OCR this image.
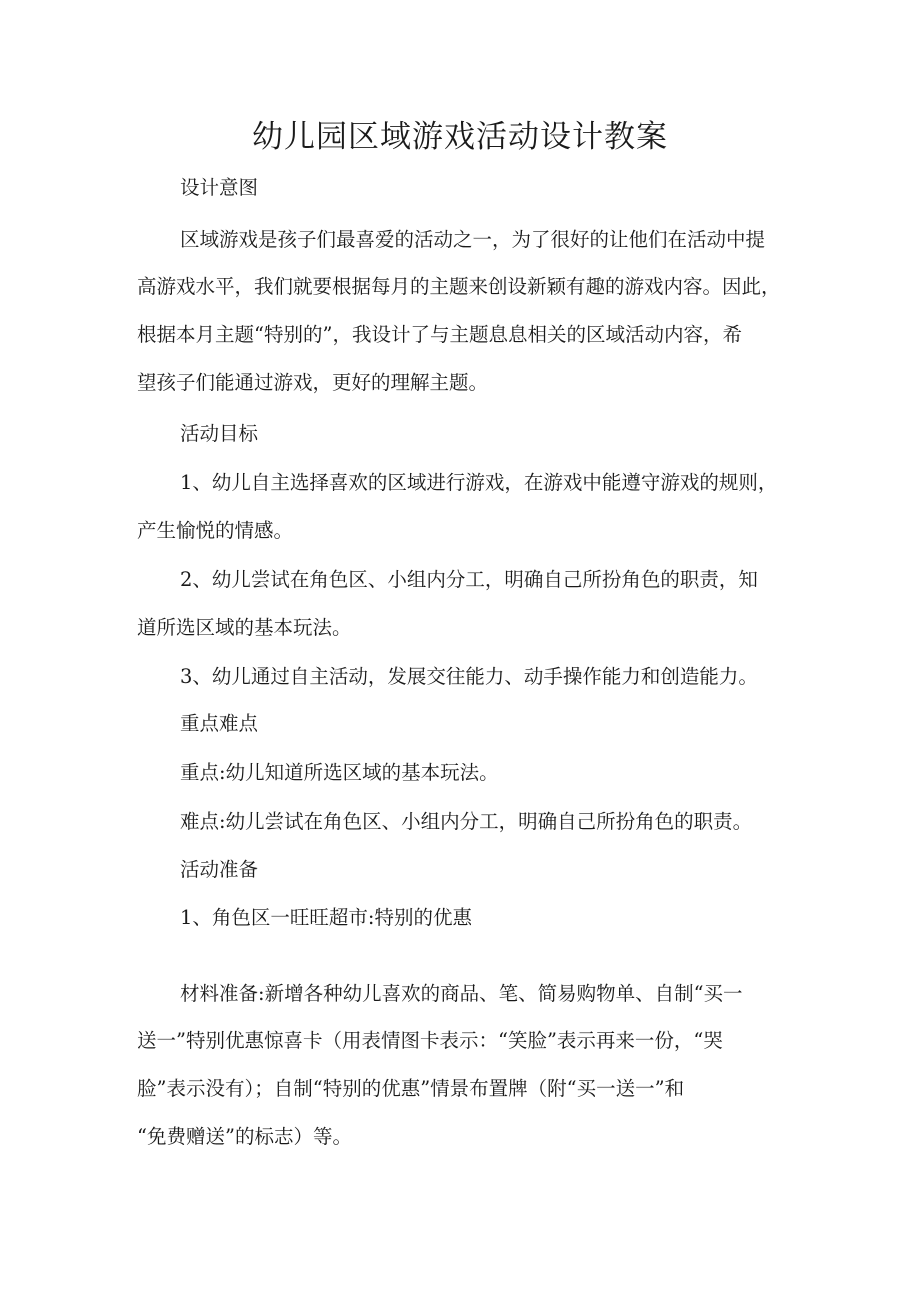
幼儿园区域游戏活动设计教案

设计意图

区域游戏是孩子们最喜爱的活动之一，为了很好的让他们在活动中提

高游戏水平，我们就要根据每月的主题来创设新颖有趣的游戏内容。因此，

根据本月主题“特别的”，我设计了与主题息息相关的区域活动内容，希

望孩子们能通过游戏，更好的理解主题。

活动目标

1、幼儿自主选择喜欢的区域进行游戏，在游戏中能遵守游戏的规则，

产生愉悦的情感。

2、幼儿尝试在角色区、小组内分工，明确自己所扮角色的职责，知

道所选区域的基本玩法。

3、幼儿通过自主活动，发展交往能力、动手操作能力和创造能力。

重点难点

重点:幼儿知道所选区域的基本玩法。

难点:幼儿尝试在角色区、小组内分工，明确自己所扮角色的职责。

活动准备

1、角色区一旺旺超市:特别的优惠

材料准备:新增各种幼儿喜欢的商品、笔、简易购物单、自制“买一

送一”特别优惠惊喜卡（用表情图卡表示：“笑脸”表示再来一份，“哭

脸”表示没有）；自制“特别的优惠”情景布置牌（附“买一送一”和

“免费赠送”的标志）等。
